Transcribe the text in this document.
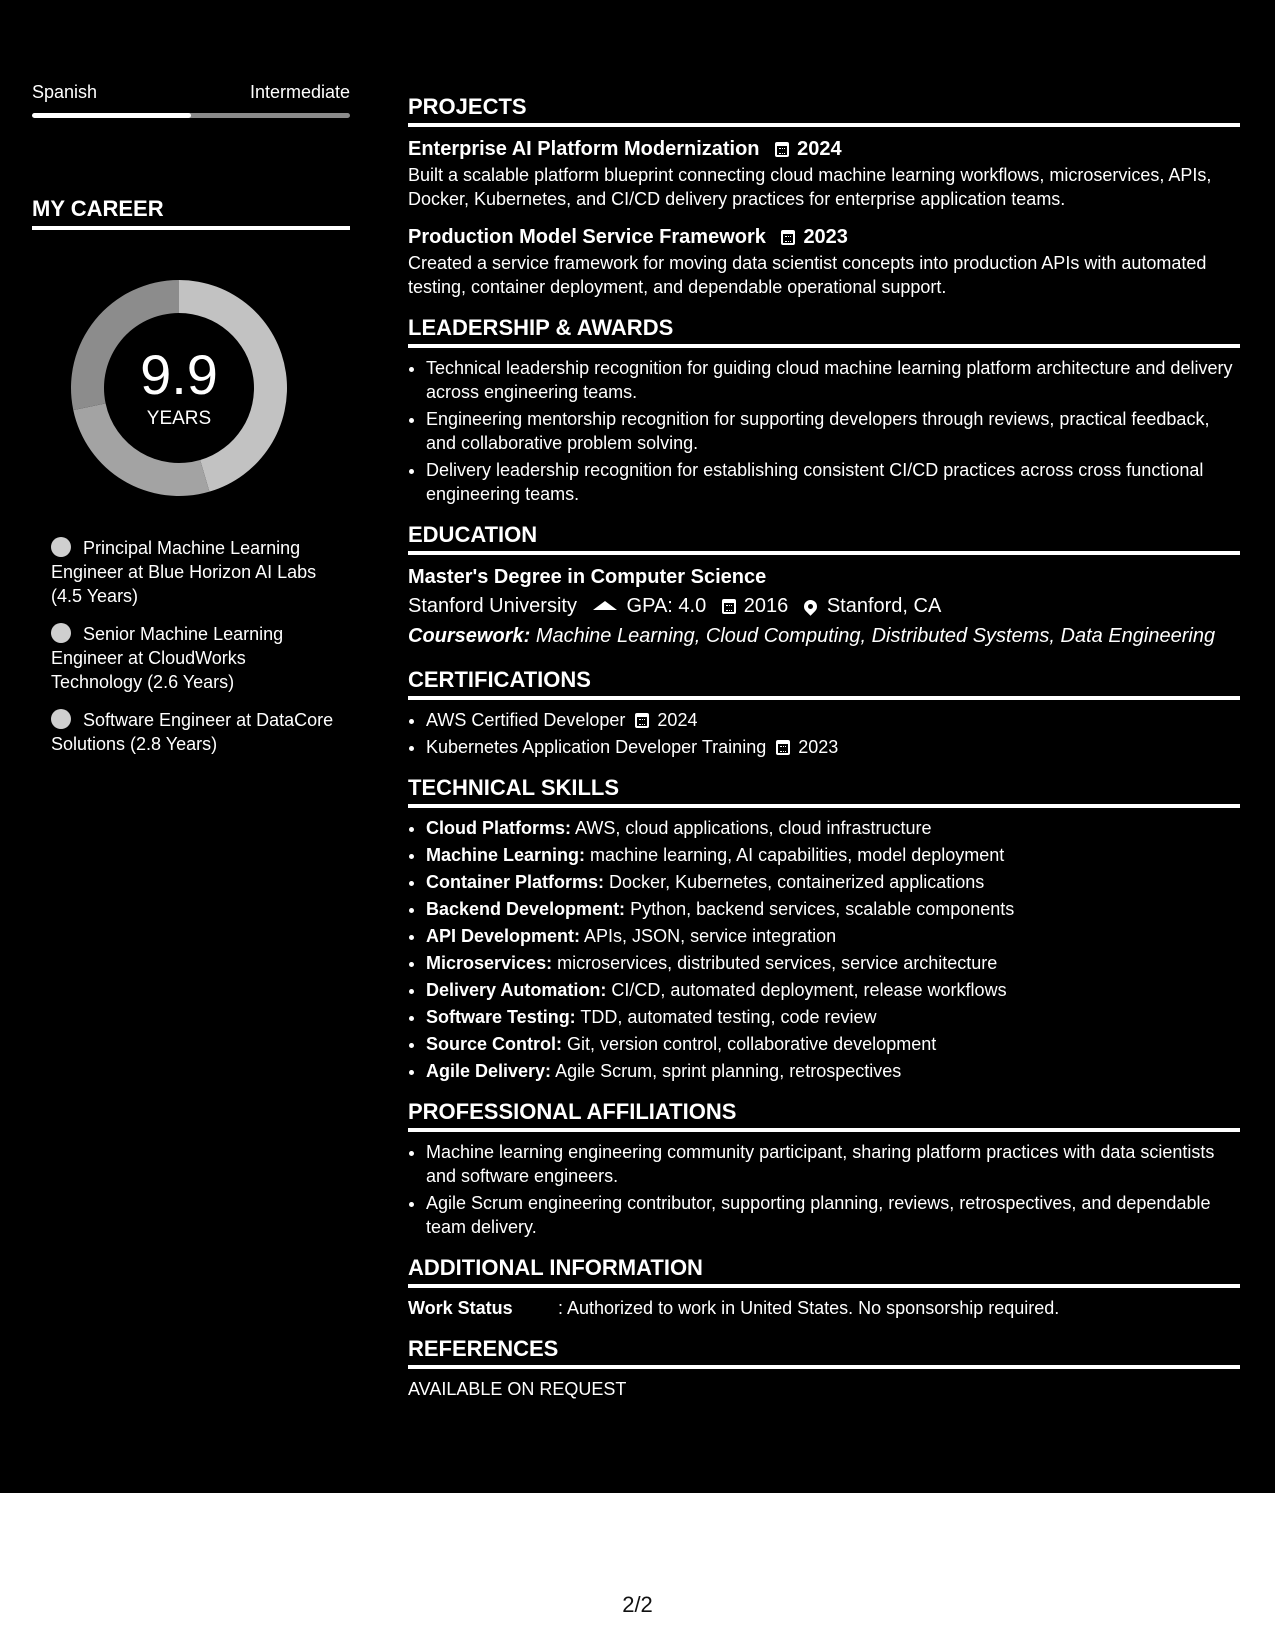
Spanish	Intermediate
MY CAREER
9.9
YEARS
Principal Machine Learning Engineer at Blue Horizon AI Labs (4.5 Years)
Senior Machine Learning Engineer at CloudWorks Technology (2.6 Years)
Software Engineer at DataCore Solutions (2.8 Years)
PROJECTS
Enterprise AI Platform Modernization 2024
Built a scalable platform blueprint connecting cloud machine learning workflows, microservices, APIs, Docker, Kubernetes, and CI/CD delivery practices for enterprise application teams.
Production Model Service Framework 2023
Created a service framework for moving data scientist concepts into production APIs with automated testing, container deployment, and dependable operational support.
LEADERSHIP & AWARDS
• Technical leadership recognition for guiding cloud machine learning platform architecture and delivery across engineering teams.
• Engineering mentorship recognition for supporting developers through reviews, practical feedback, and collaborative problem solving.
• Delivery leadership recognition for establishing consistent CI/CD practices across cross functional engineering teams.
EDUCATION
Master's Degree in Computer Science
Stanford University GPA: 4.0 2016 Stanford, CA
Coursework: Machine Learning, Cloud Computing, Distributed Systems, Data Engineering
CERTIFICATIONS
• AWS Certified Developer 2024
• Kubernetes Application Developer Training 2023
TECHNICAL SKILLS
• Cloud Platforms: AWS, cloud applications, cloud infrastructure
• Machine Learning: machine learning, AI capabilities, model deployment
• Container Platforms: Docker, Kubernetes, containerized applications
• Backend Development: Python, backend services, scalable components
• API Development: APIs, JSON, service integration
• Microservices: microservices, distributed services, service architecture
• Delivery Automation: CI/CD, automated deployment, release workflows
• Software Testing: TDD, automated testing, code review
• Source Control: Git, version control, collaborative development
• Agile Delivery: Agile Scrum, sprint planning, retrospectives
PROFESSIONAL AFFILIATIONS
• Machine learning engineering community participant, sharing platform practices with data scientists and software engineers.
• Agile Scrum engineering contributor, supporting planning, reviews, retrospectives, and dependable team delivery.
ADDITIONAL INFORMATION
Work Status	: Authorized to work in United States. No sponsorship required.
REFERENCES
AVAILABLE ON REQUEST
2/2
